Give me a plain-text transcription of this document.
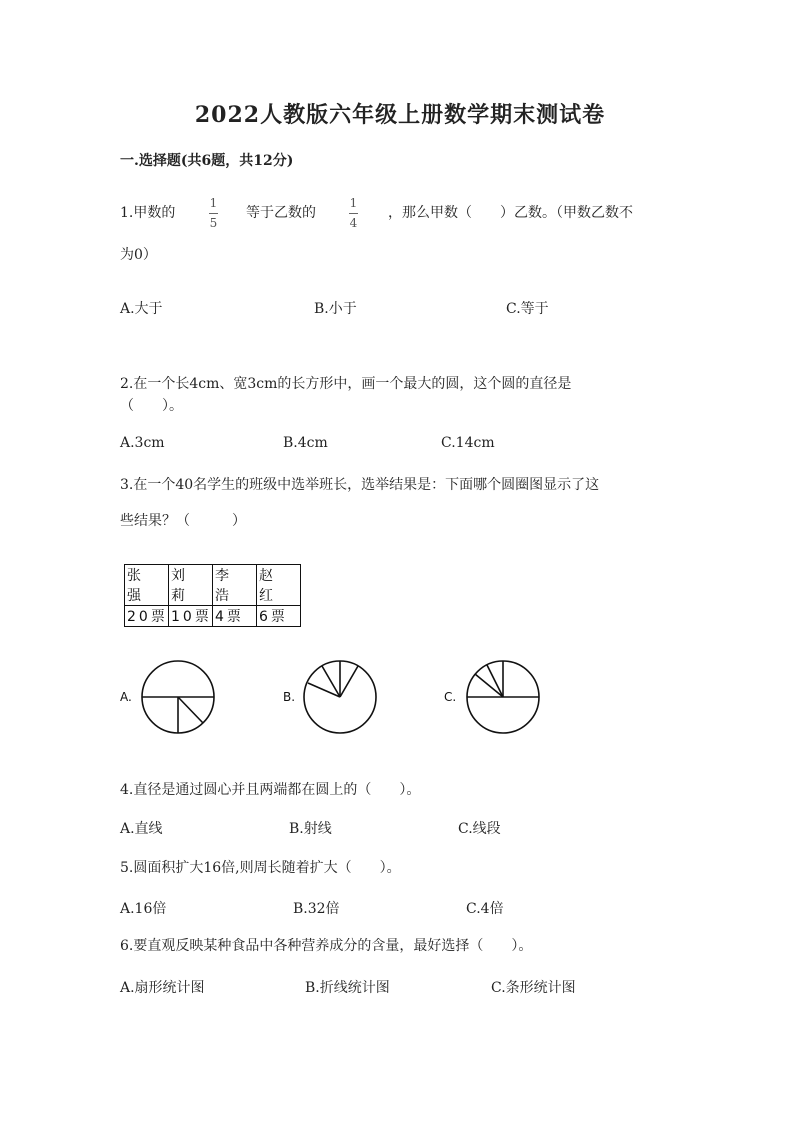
2022人教版六年级上册数学期末测试卷
一.选择题(共6题，共12分)
1.甲数的
1
5
等于乙数的
1
4
，那么甲数（　　）乙数。（甲数乙数不
为0）
A.大于	B.小于	C.等于
2.在一个长4cm、宽3cm的长方形中，画一个最大的圆，这个圆的直径是
（　　）。
A.3cm	B.4cm	C.14cm
3.在一个40名学生的班级中选举班长，选举结果是：下面哪个圆圈图显示了这
些结果？（　　　）
张 强	刘 莉	李 浩	赵 红
20票	10票	4票	6票
A.	B.	C.
4.直径是通过圆心并且两端都在圆上的（　　）。
A.直线	B.射线	C.线段
5.圆面积扩大16倍,则周长随着扩大（　　）。
A.16倍	B.32倍	C.4倍
6.要直观反映某种食品中各种营养成分的含量，最好选择（　　）。
A.扇形统计图	B.折线统计图	C.条形统计图
